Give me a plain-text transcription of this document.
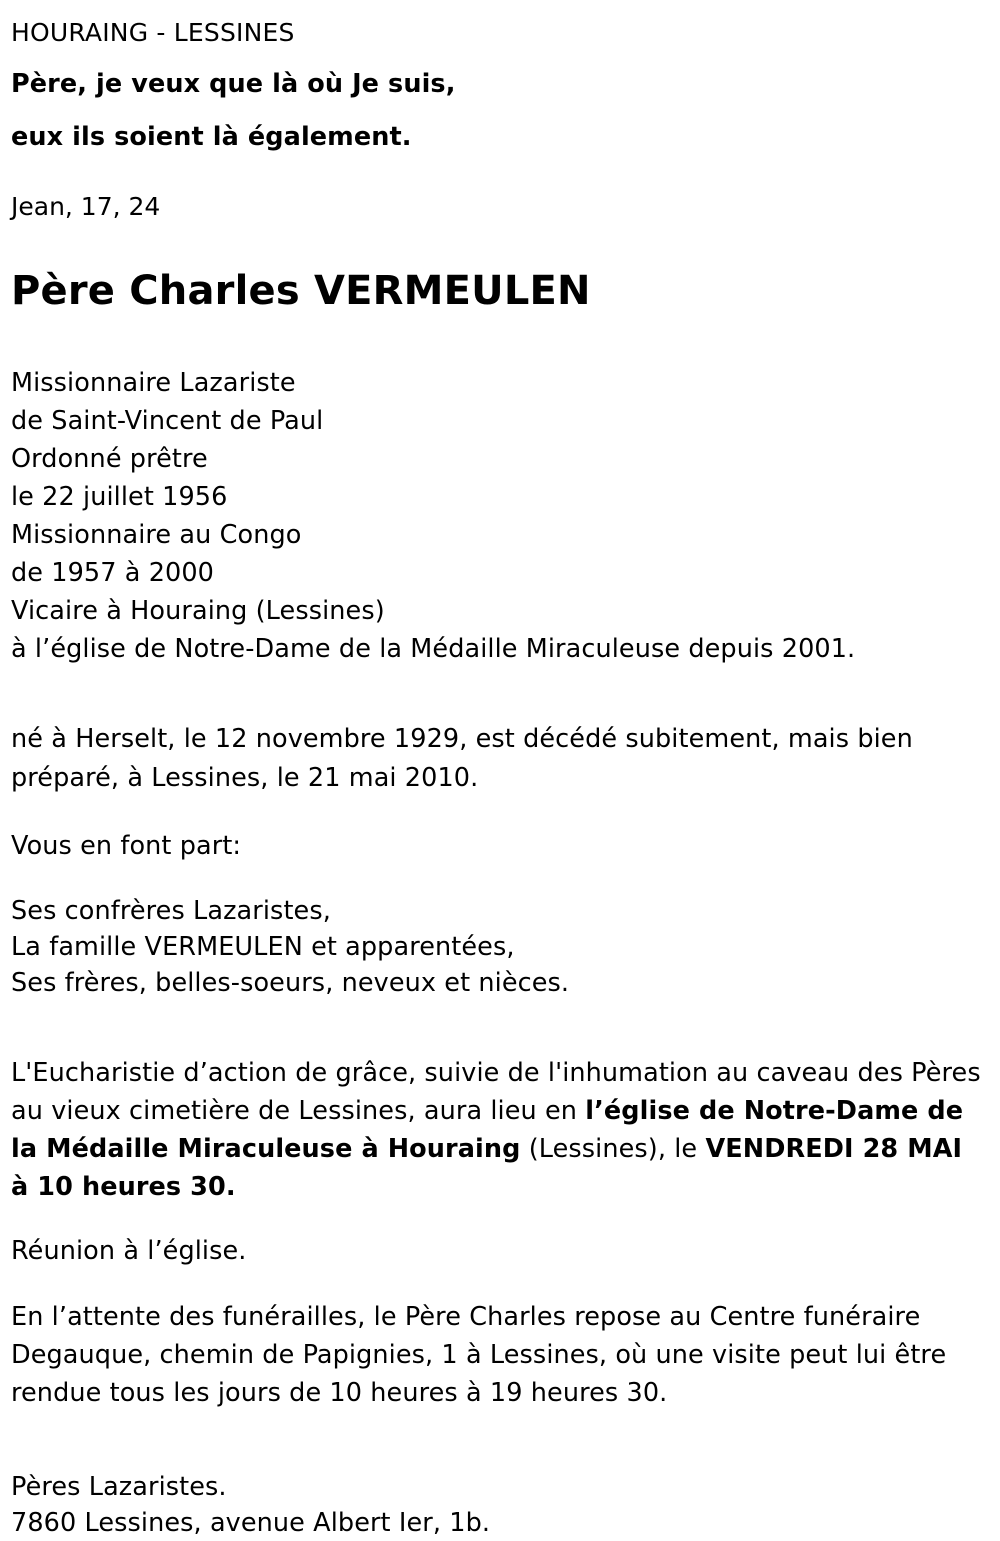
HOURAING - LESSINES
Père, je veux que là où Je suis,
eux ils soient là également.
Jean, 17, 24
Père Charles VERMEULEN
Missionnaire Lazariste
de Saint-Vincent de Paul
Ordonné prêtre
le 22 juillet 1956
Missionnaire au Congo
de 1957 à 2000
Vicaire à Houraing (Lessines)
à l’église de Notre-Dame de la Médaille Miraculeuse depuis 2001.
né à Herselt, le 12 novembre 1929, est décédé subitement, mais bien
préparé, à Lessines, le 21 mai 2010.
Vous en font part:
Ses confrères Lazaristes,
La famille VERMEULEN et apparentées,
Ses frères, belles-soeurs, neveux et nièces.

L'Eucharistie d’action de grâce, suivie de l'inhumation au caveau des Pères au vieux cimetière de Lessines, aura lieu en l’église de Notre-Dame de la Médaille Miraculeuse à Houraing (Lessines), le VENDREDI 28 MAI à 10 heures 30.

Réunion à l’église.
En l’attente des funérailles, le Père Charles repose au Centre funéraire
Degauque, chemin de Papignies, 1 à Lessines, où une visite peut lui être
rendue tous les jours de 10 heures à 19 heures 30.
Pères Lazaristes.
7860 Lessines, avenue Albert Ier, 1b.
